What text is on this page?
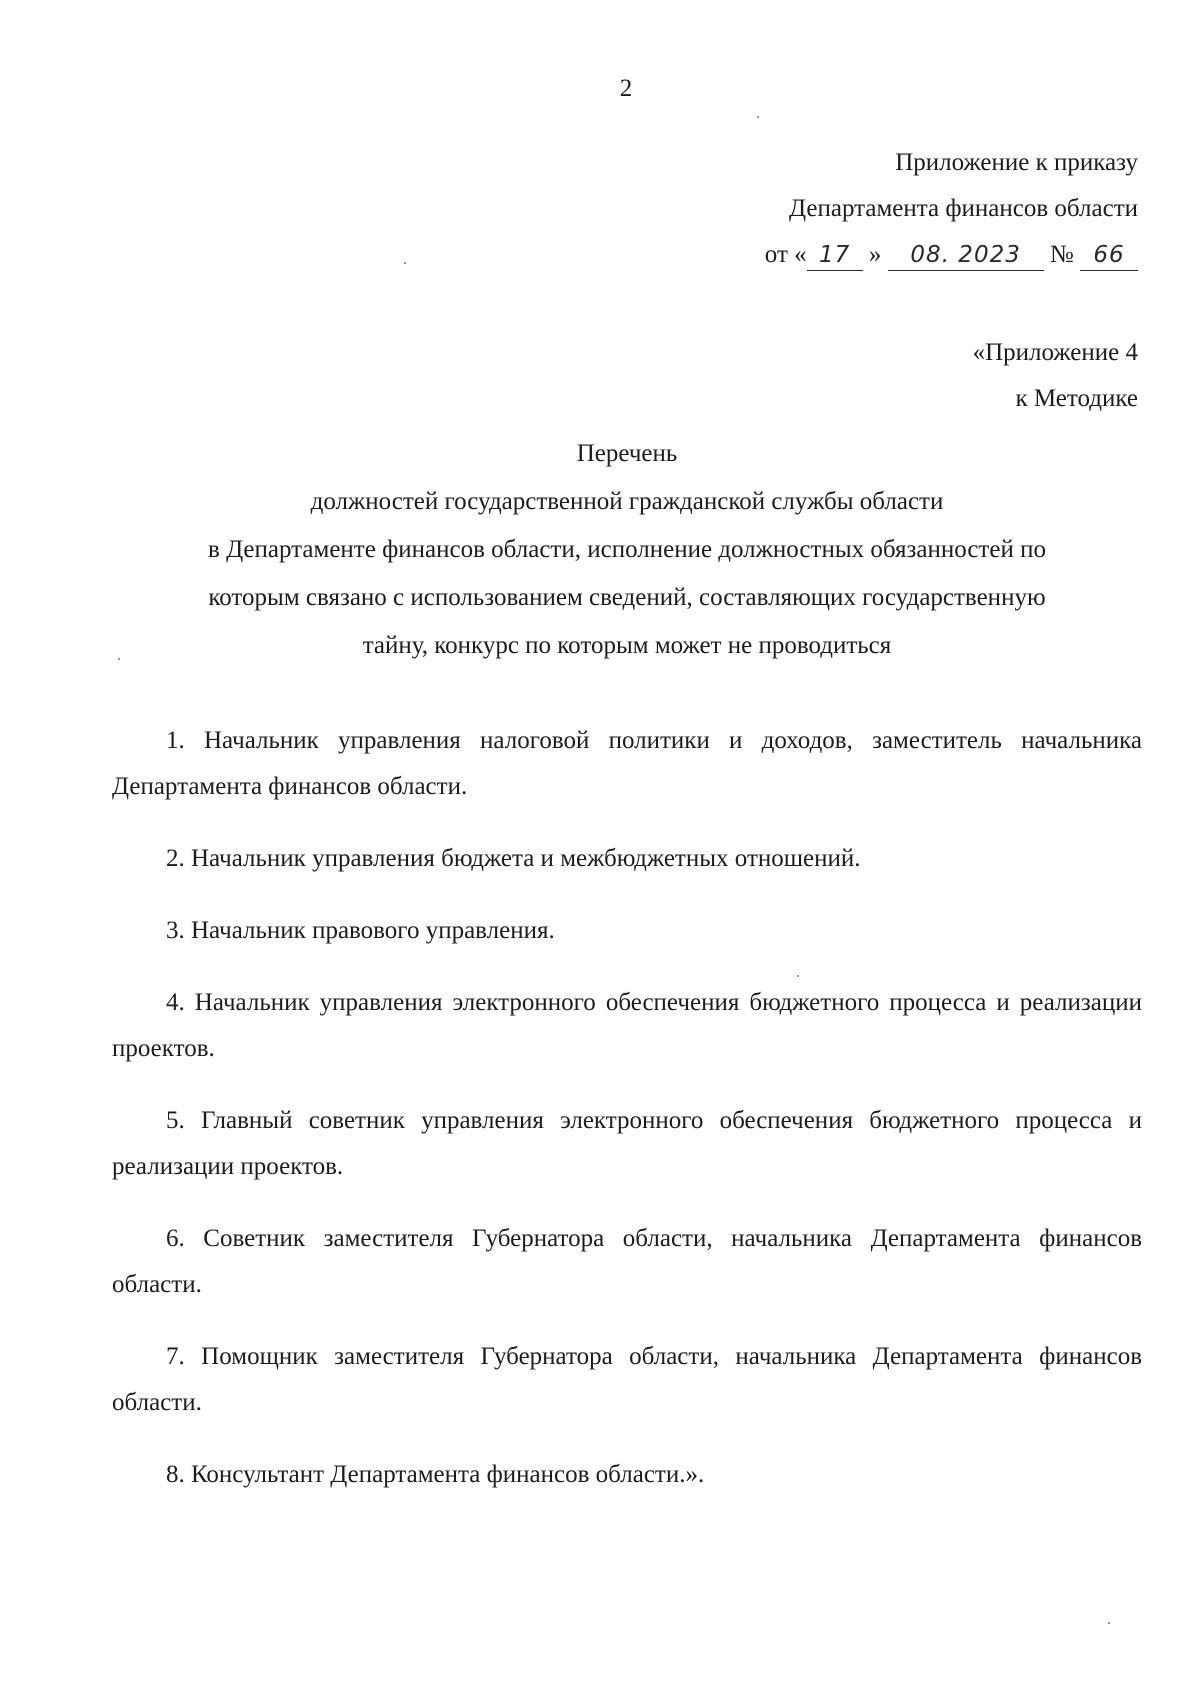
2
Приложение к приказу
Департамента финансов области
от « 17 » 08. 2023 № 66
«Приложение 4
к Методике
Перечень
должностей государственной гражданской службы области
в Департаменте финансов области, исполнение должностных обязанностей по
которым связано с использованием сведений, составляющих государственную
тайну, конкурс по которым может не проводиться
1. Начальник управления налоговой политики и доходов, заместитель начальника Департамента финансов области.
2. Начальник управления бюджета и межбюджетных отношений.
3. Начальник правового управления.
4. Начальник управления электронного обеспечения бюджетного процесса и реализации проектов.
5. Главный советник управления электронного обеспечения бюджетного процесса и реализации проектов.
6. Советник заместителя Губернатора области, начальника Департамента финансов области.
7. Помощник заместителя Губернатора области, начальника Департамента финансов области.
8. Консультант Департамента финансов области.».
